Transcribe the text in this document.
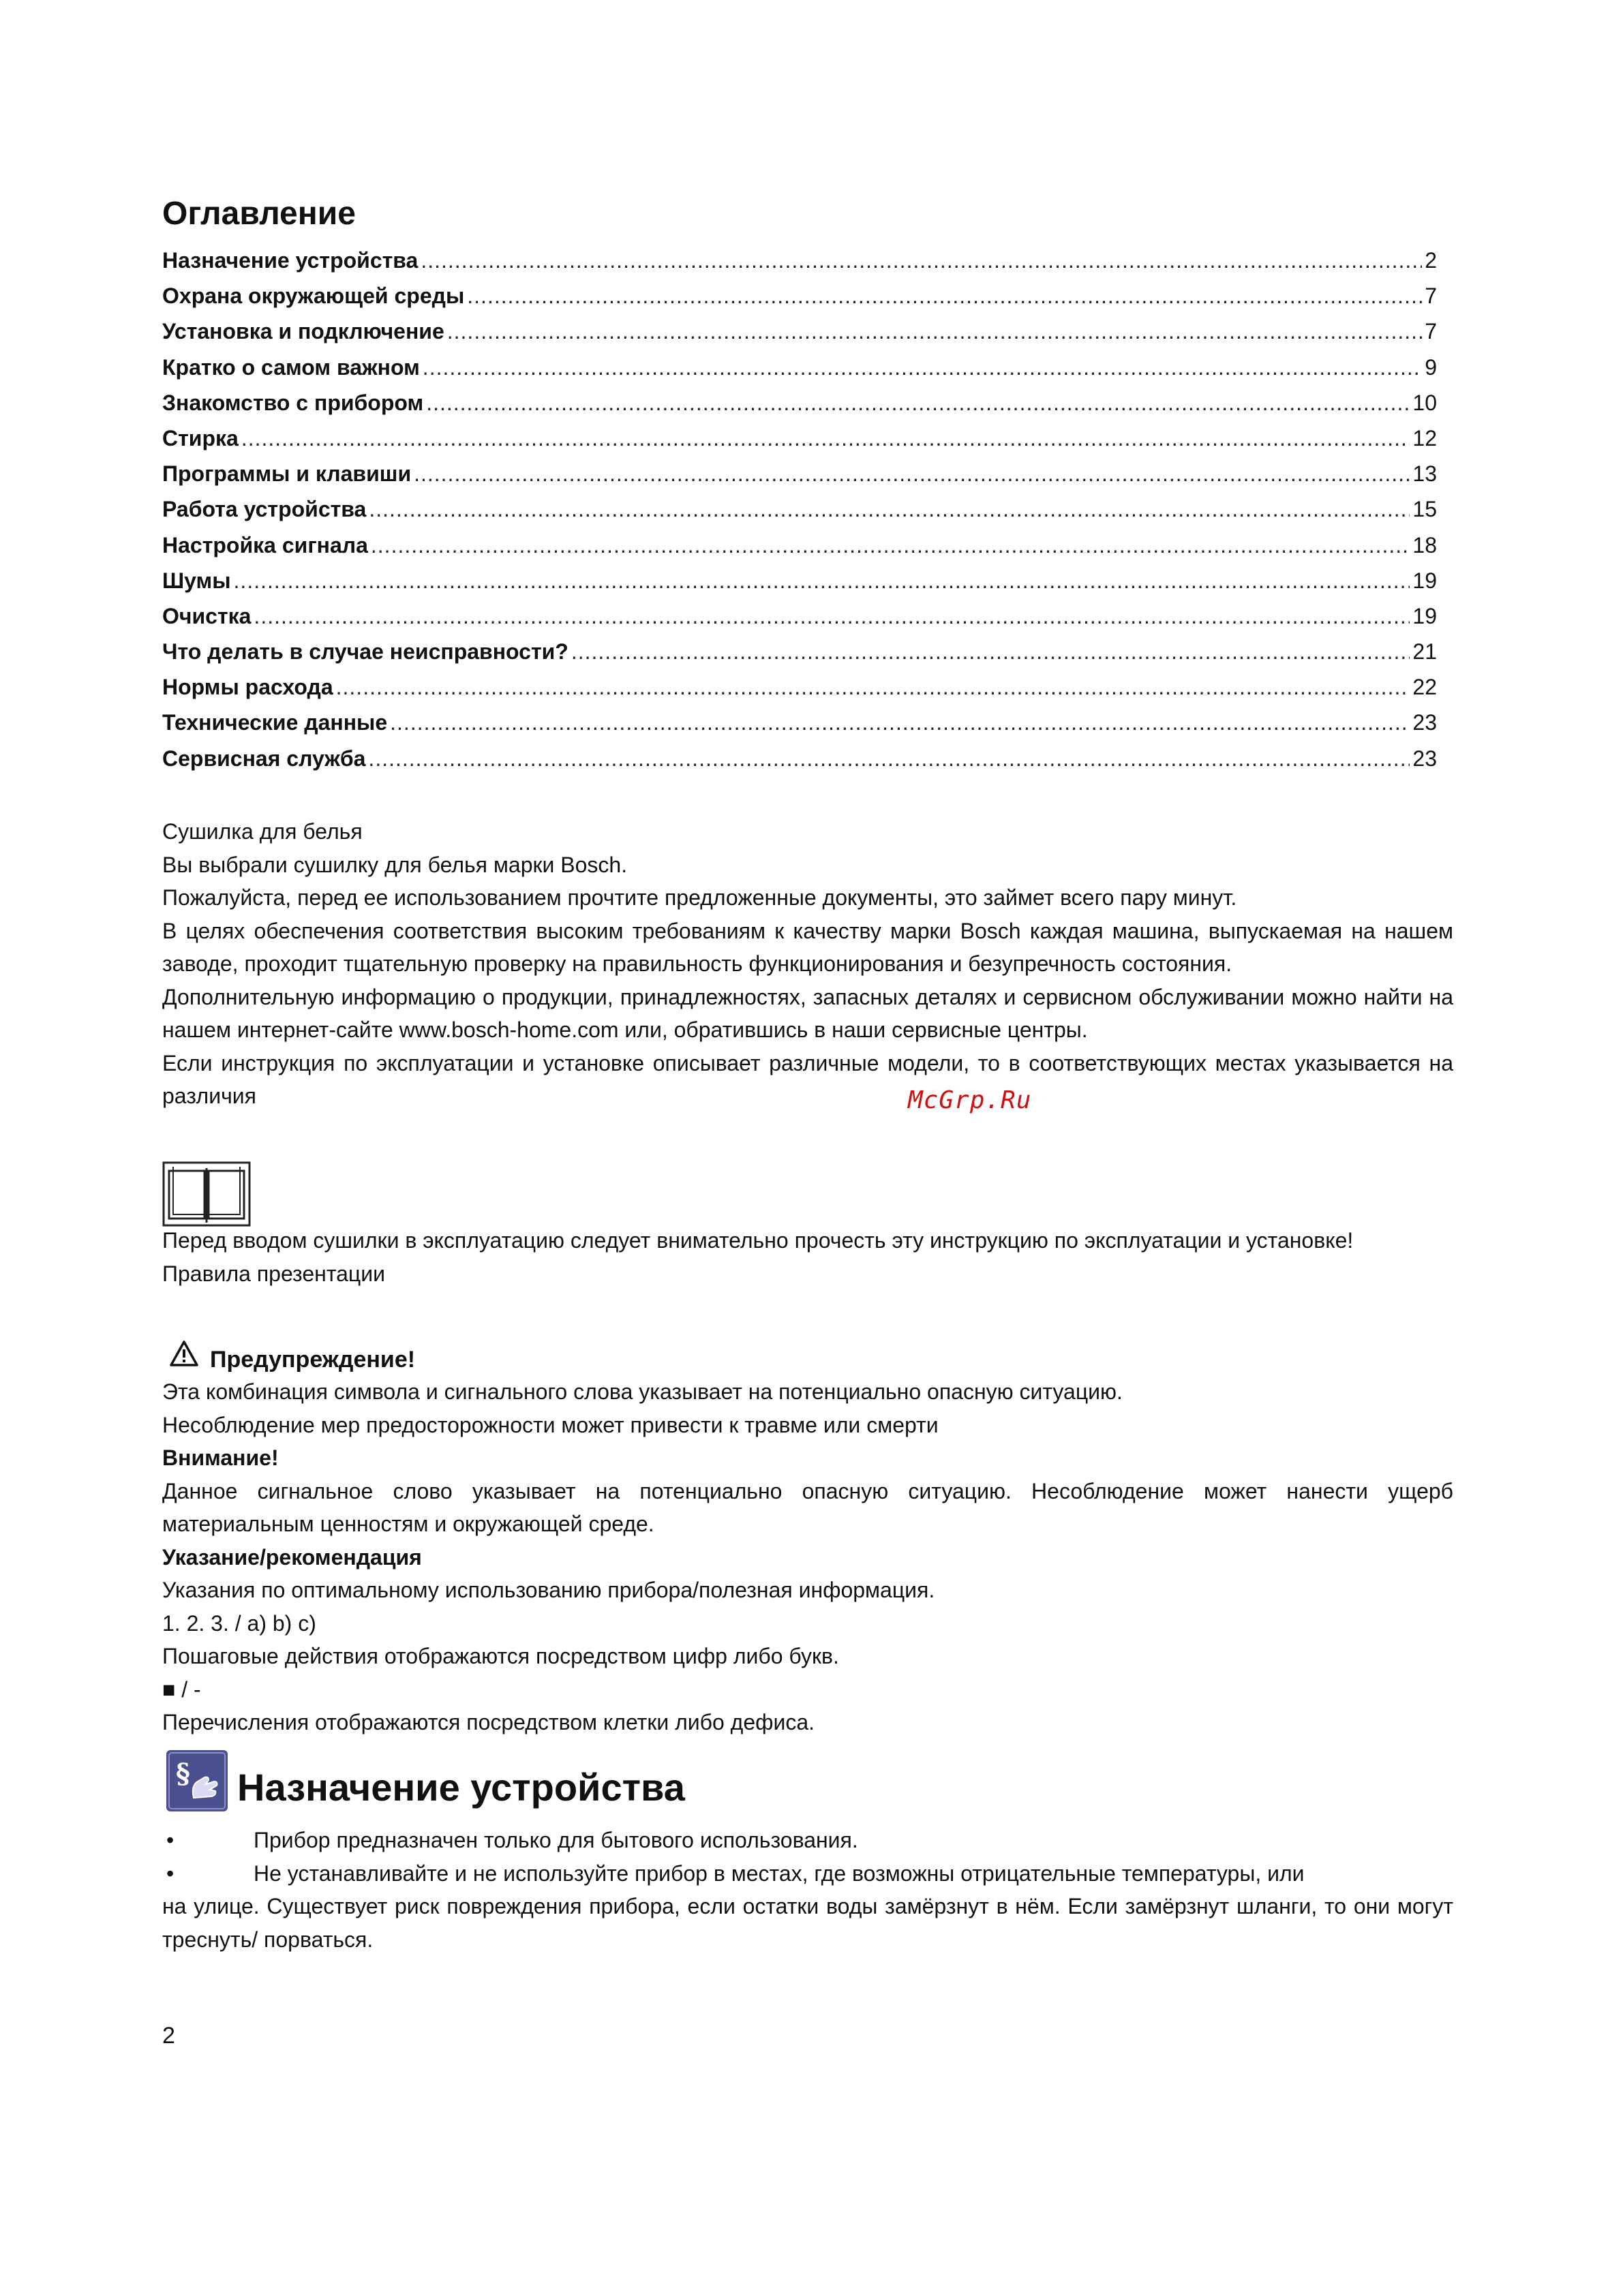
Оглавление
Назначение устройства .....	2
Охрана окружающей среды .....	7
Установка и подключение .....	7
Кратко о самом важном .....	9
Знакомство с прибором .....	10
Стирка .....	12
Программы и клавиши .....	13
Работа устройства .....	15
Настройка сигнала .....	18
Шумы .....	19
Очистка .....	19
Что делать в случае неисправности? .....	21
Нормы расхода .....	22
Технические данные .....	23
Сервисная служба .....	23

Сушилка для белья

Вы выбрали сушилку для белья марки Bosch.

Пожалуйста, перед ее использованием прочтите предложенные документы, это займет всего пару минут.

В целях обеспечения соответствия высоким требованиям к качеству марки Bosch каждая машина, выпускаемая на нашем заводе, проходит тщательную проверку на правильность функционирования и безупречность состояния.

Дополнительную информацию о продукции, принадлежностях, запасных деталях и сервисном обслуживании можно найти на нашем интернет-сайте www.bosch-home.com или, обратившись в наши сервисные центры.

Если инструкция по эксплуатации и установке описывает различные модели, то в соответствующих местах указывается на различия	McGrp.Ru

Перед вводом сушилки в эксплуатацию следует внимательно прочесть эту инструкцию по эксплуатации и установке!

Правила презентации

Предупреждение!

Эта комбинация символа и сигнального слова указывает на потенциально опасную ситуацию.

Несоблюдение мер предосторожности может привести к травме или смерти

Внимание!

Данное сигнальное слово указывает на потенциально опасную ситуацию. Несоблюдение может нанести ущерб материальным ценностям и окружающей среде.

Указание/рекомендация

Указания по оптимальному использованию прибора/полезная информация.

1. 2. 3. / a) b) c)

Пошаговые действия отображаются посредством цифр либо букв.

■ / -

Перечисления отображаются посредством клетки либо дефиса.

§ Назначение устройства
•	Прибор предназначен только для бытового использования.
•	Не устанавливайте и не используйте прибор в местах, где возможны отрицательные температуры, или

на улице. Существует риск повреждения прибора, если остатки воды замёрзнут в нём. Если замёрзнут шланги, то они могут треснуть/ порваться.

2
